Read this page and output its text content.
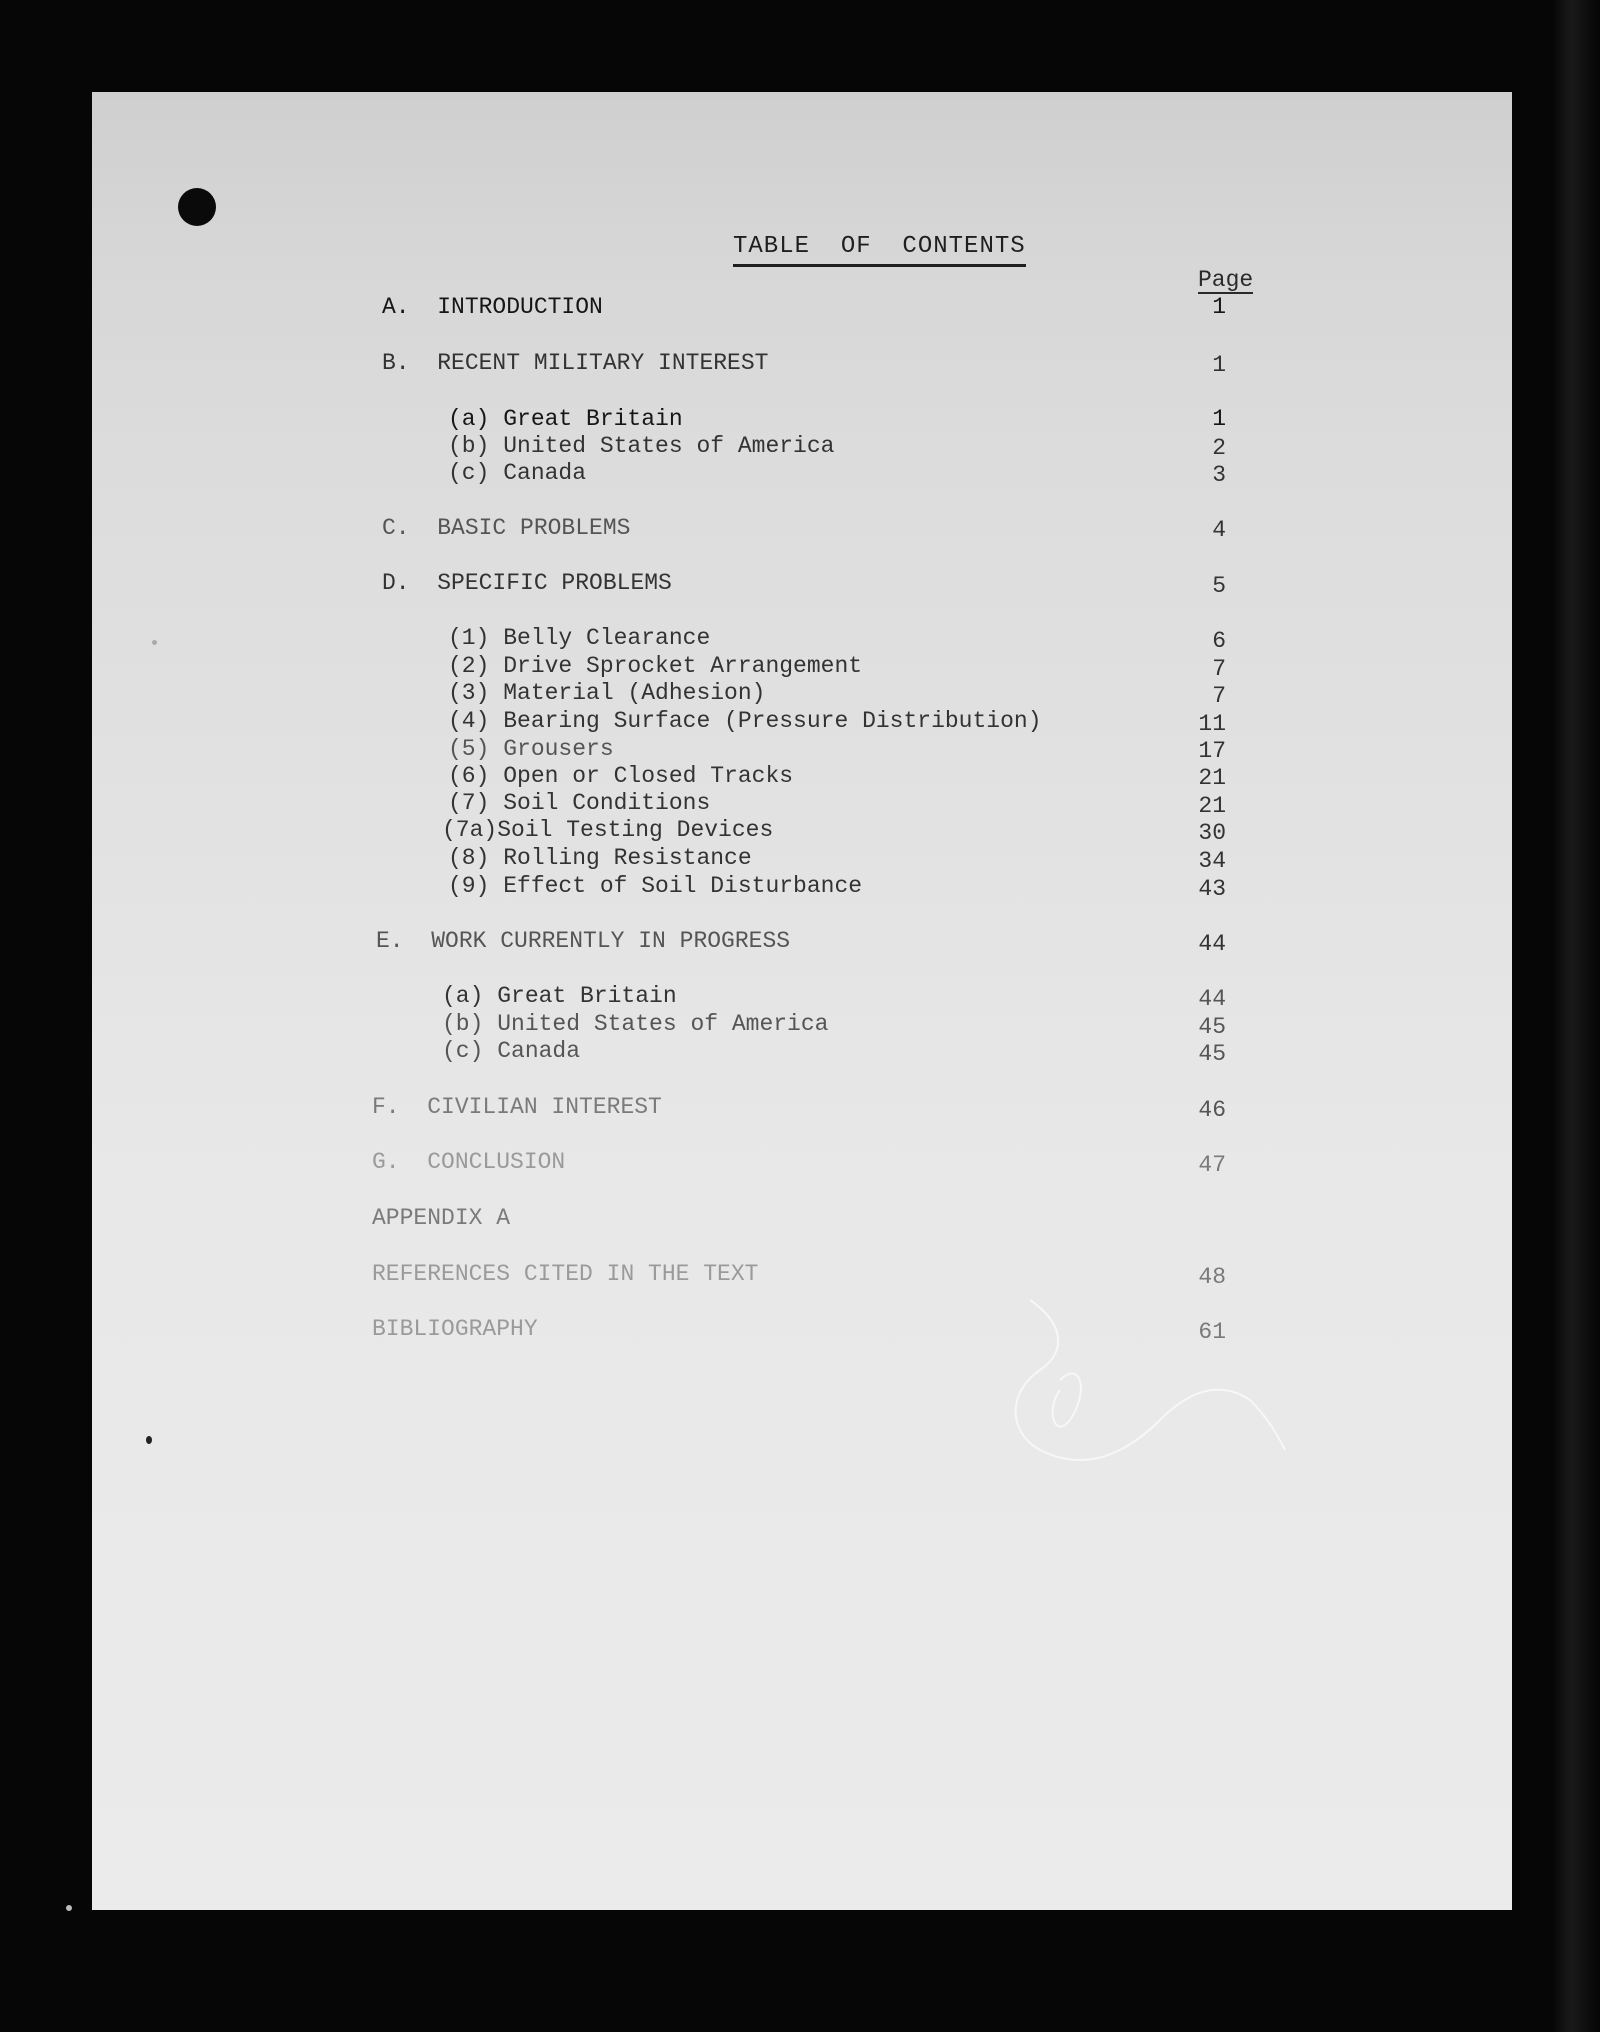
TABLE  OF  CONTENTS
Page
A.  INTRODUCTION	1
B.  RECENT MILITARY INTEREST	1
(a) Great Britain	1
(b) United States of America	2
(c) Canada	3
C.  BASIC PROBLEMS	4
D.  SPECIFIC PROBLEMS	5
(1) Belly Clearance	6
(2) Drive Sprocket Arrangement	7
(3) Material (Adhesion)	7
(4) Bearing Surface (Pressure Distribution)	11
(5) Grousers	17
(6) Open or Closed Tracks	21
(7) Soil Conditions	21
(7a)Soil Testing Devices	30
(8) Rolling Resistance	34
(9) Effect of Soil Disturbance	43
E.  WORK CURRENTLY IN PROGRESS	44
(a) Great Britain	44
(b) United States of America	45
(c) Canada	45
F.  CIVILIAN INTEREST	46
G.  CONCLUSION	47
APPENDIX A
REFERENCES CITED IN THE TEXT	48
BIBLIOGRAPHY	61
